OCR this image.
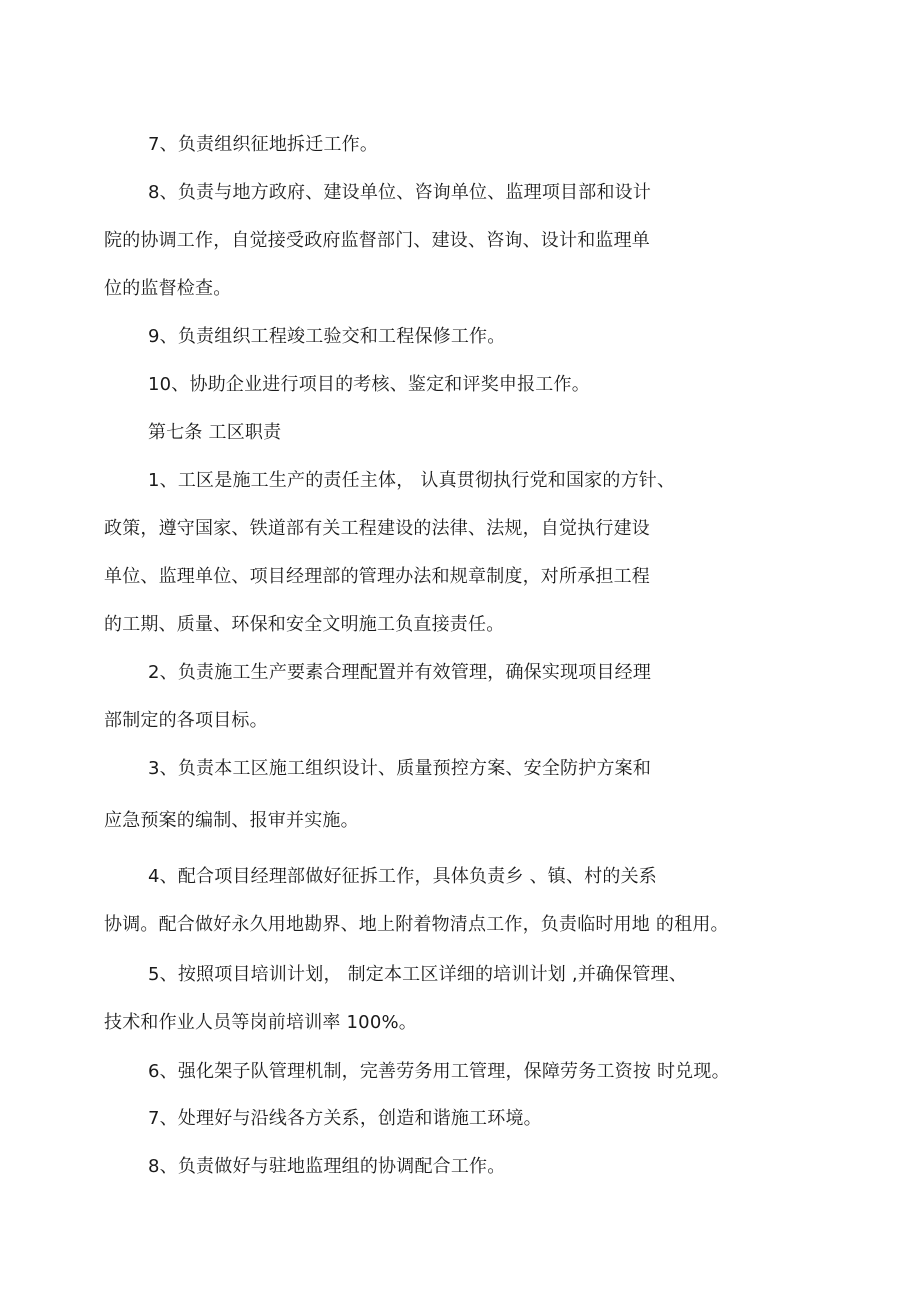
7、负责组织征地拆迁工作。
8、负责与地方政府、建设单位、咨询单位、监理项目部和设计
院的协调工作，自觉接受政府监督部门、建设、咨询、设计和监理单
位的监督检查。
9、负责组织工程竣工验交和工程保修工作。
10、协助企业进行项目的考核、鉴定和评奖申报工作。
第七条 工区职责
1、工区是施工生产的责任主体， 认真贯彻执行党和国家的方针、
政策，遵守国家、铁道部有关工程建设的法律、法规，自觉执行建设
单位、监理单位、项目经理部的管理办法和规章制度，对所承担工程
的工期、质量、环保和安全文明施工负直接责任。
2、负责施工生产要素合理配置并有效管理，确保实现项目经理
部制定的各项目标。
3、负责本工区施工组织设计、质量预控方案、安全防护方案和
应急预案的编制、报审并实施。
4、配合项目经理部做好征拆工作，具体负责乡 、镇、村的关系
协调。配合做好永久用地勘界、地上附着物清点工作，负责临时用地 的租用。
5、按照项目培训计划， 制定本工区详细的培训计划 ,并确保管理、
技术和作业人员等岗前培训率 100%。
6、强化架子队管理机制，完善劳务用工管理，保障劳务工资按 时兑现。
7、处理好与沿线各方关系，创造和谐施工环境。
8、负责做好与驻地监理组的协调配合工作。
